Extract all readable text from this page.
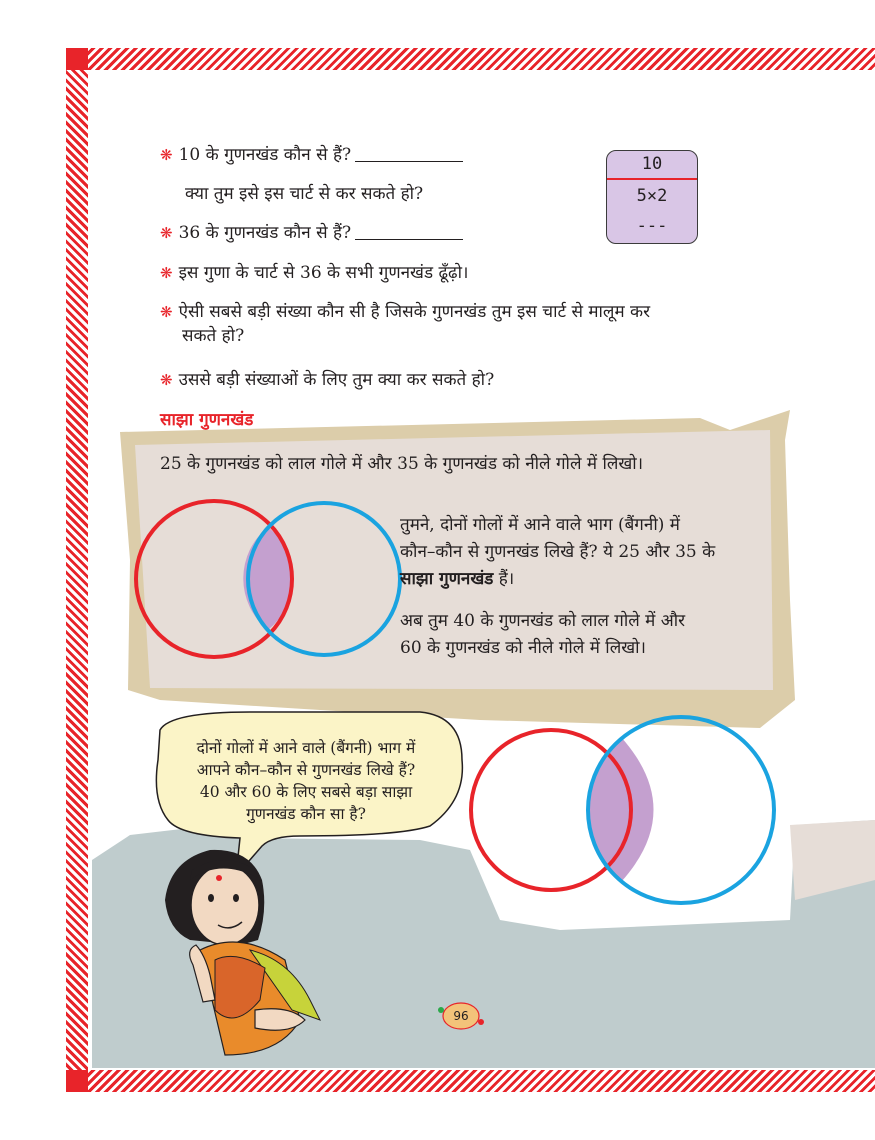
❋ 10 के गुणनखंड कौन से हैं?
क्या तुम इसे इस चार्ट से कर सकते हो?
❋ 36 के गुणनखंड कौन से हैं?
❋ इस गुणा के चार्ट से 36 के सभी गुणनखंड ढूँढ़ो।
❋ ऐसी सबसे बड़ी संख्या कौन सी है जिसके गुणनखंड तुम इस चार्ट से मालूम कर
सकते हो?
❋ उससे बड़ी संख्याओं के लिए तुम क्या कर सकते हो?
10
5×2
---
साझा गुणनखंड
25 के गुणनखंड को लाल गोले में और 35 के गुणनखंड को नीले गोले में लिखो।
तुमने, दोनों गोलों में आने वाले भाग (बैंगनी) में
कौन–कौन से गुणनखंड लिखे हैं? ये 25 और 35 के
साझा गुणनखंड हैं।
अब तुम 40 के गुणनखंड को लाल गोले में और
60 के गुणनखंड को नीले गोले में लिखो।
दोनों गोलों में आने वाले (बैंगनी) भाग में
आपने कौन–कौन से गुणनखंड लिखे हैं?
40 और 60 के लिए सबसे बड़ा साझा
गुणनखंड कौन सा है?
96
